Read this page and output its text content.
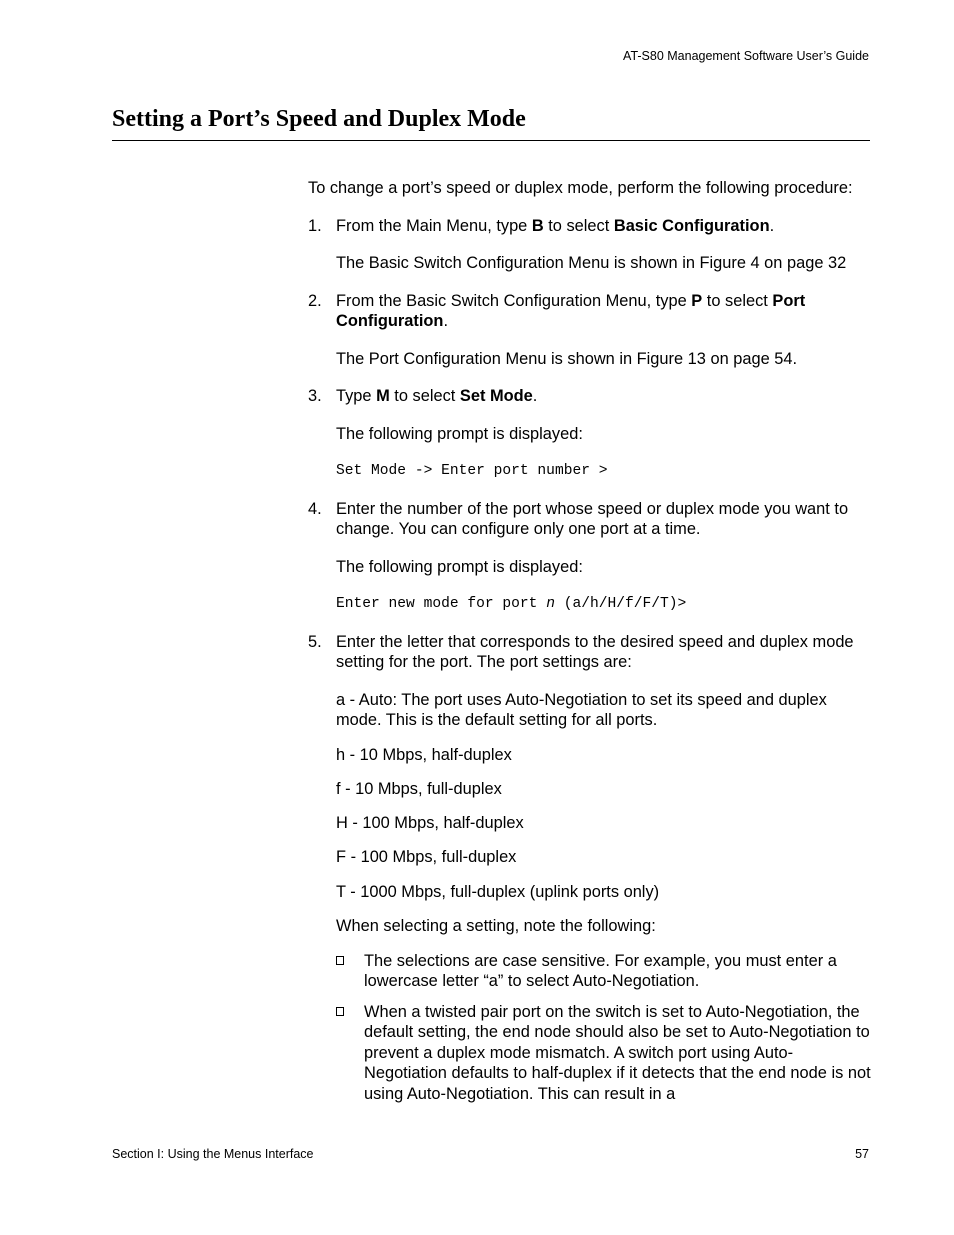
AT-S80 Management Software User’s Guide
Setting a Port’s Speed and Duplex Mode

To change a port’s speed or duplex mode, perform the following procedure:

1. From the Main Menu, type B to select Basic Configuration.

The Basic Switch Configuration Menu is shown in Figure 4 on page 32

2. From the Basic Switch Configuration Menu, type P to select Port Configuration.

The Port Configuration Menu is shown in Figure 13 on page 54.

3. Type M to select Set Mode.

The following prompt is displayed:

Set Mode -> Enter port number >

4. Enter the number of the port whose speed or duplex mode you want to change. You can configure only one port at a time.

The following prompt is displayed:

Enter new mode for port n (a/h/H/f/F/T)>

5. Enter the letter that corresponds to the desired speed and duplex mode setting for the port. The port settings are:

a - Auto: The port uses Auto-Negotiation to set its speed and duplex mode. This is the default setting for all ports.

h - 10 Mbps, half-duplex

f - 10 Mbps, full-duplex

H - 100 Mbps, half-duplex

F - 100 Mbps, full-duplex

T - 1000 Mbps, full-duplex (uplink ports only)

When selecting a setting, note the following:

The selections are case sensitive. For example, you must enter a lowercase letter “a” to select Auto-Negotiation.

When a twisted pair port on the switch is set to Auto-Negotiation, the default setting, the end node should also be set to Auto-Negotiation to prevent a duplex mode mismatch. A switch port using Auto-Negotiation defaults to half-duplex if it detects that the end node is not using Auto-Negotiation. This can result in a

Section I: Using the Menus Interface	57
